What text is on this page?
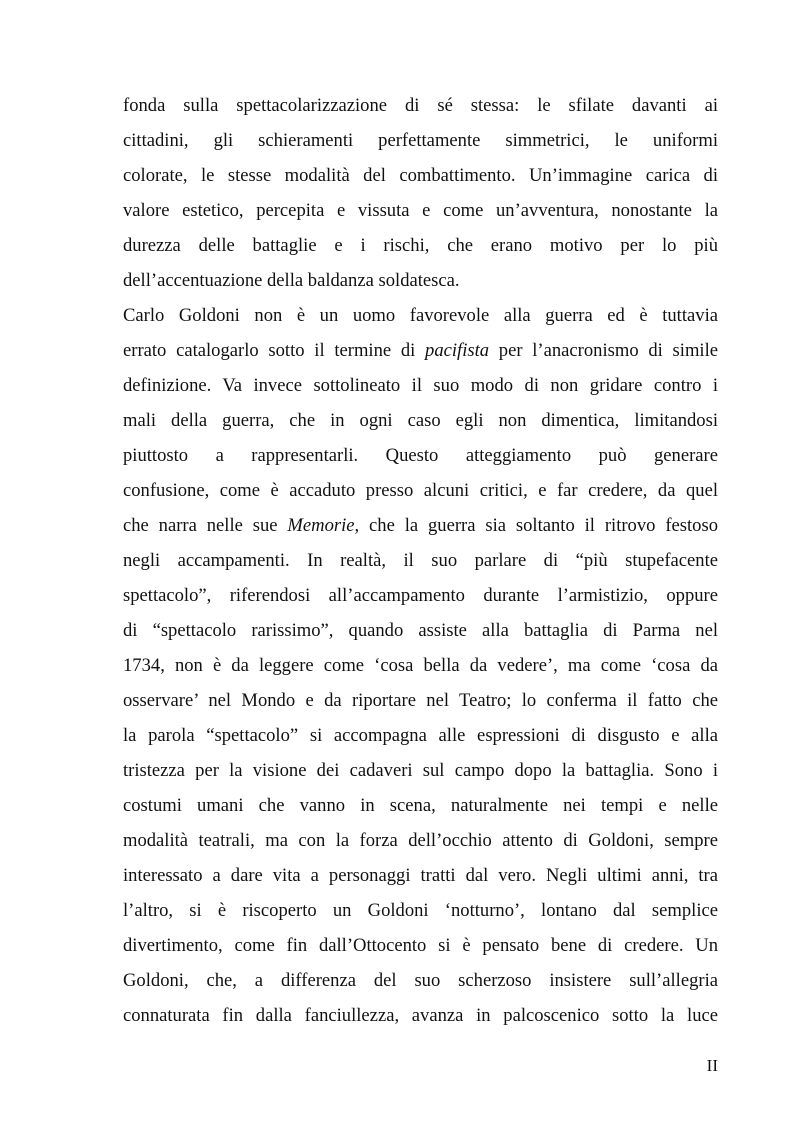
fonda sulla spettacolarizzazione di sé stessa: le sfilate davanti ai
cittadini, gli schieramenti perfettamente simmetrici, le uniformi
colorate, le stesse modalità del combattimento. Un’immagine carica di
valore estetico, percepita e vissuta e come un’avventura, nonostante la
durezza delle battaglie e i rischi, che erano motivo per lo più
dell’accentuazione della baldanza soldatesca.
Carlo Goldoni non è un uomo favorevole alla guerra ed è tuttavia
errato catalogarlo sotto il termine di pacifista per l’anacronismo di simile
definizione. Va invece sottolineato il suo modo di non gridare contro i
mali della guerra, che in ogni caso egli non dimentica, limitandosi
piuttosto a rappresentarli. Questo atteggiamento può generare
confusione, come è accaduto presso alcuni critici, e far credere, da quel
che narra nelle sue Memorie, che la guerra sia soltanto il ritrovo festoso
negli accampamenti. In realtà, il suo parlare di “più stupefacente
spettacolo”, riferendosi all’accampamento durante l’armistizio, oppure
di “spettacolo rarissimo”, quando assiste alla battaglia di Parma nel
1734, non è da leggere come ‘cosa bella da vedere’, ma come ‘cosa da
osservare’ nel Mondo e da riportare nel Teatro; lo conferma il fatto che
la parola “spettacolo” si accompagna alle espressioni di disgusto e alla
tristezza per la visione dei cadaveri sul campo dopo la battaglia. Sono i
costumi umani che vanno in scena, naturalmente nei tempi e nelle
modalità teatrali, ma con la forza dell’occhio attento di Goldoni, sempre
interessato a dare vita a personaggi tratti dal vero. Negli ultimi anni, tra
l’altro, si è riscoperto un Goldoni ‘notturno’, lontano dal semplice
divertimento, come fin dall’Ottocento si è pensato bene di credere. Un
Goldoni, che, a differenza del suo scherzoso insistere sull’allegria
connaturata fin dalla fanciullezza, avanza in palcoscenico sotto la luce
II
